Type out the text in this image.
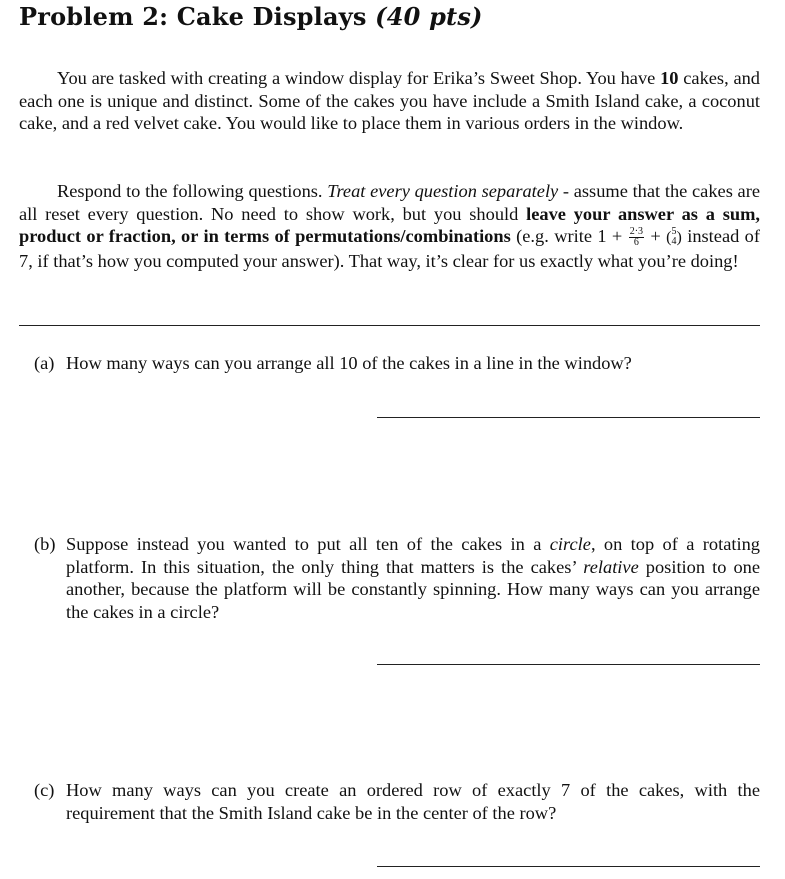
Problem 2: Cake Displays (40 pts)

You are tasked with creating a window display for Erika’s Sweet Shop. You have 10 cakes, and each one is unique and distinct. Some of the cakes you have include a Smith Island cake, a coconut cake, and a red velvet cake. You would like to place them in various orders in the window.

Respond to the following questions. Treat every question separately - assume that the cakes are all reset every question. No need to show work, but you should leave your answer as a sum, product or fraction, or in terms of permutations/combinations (e.g. write $1 + \frac{2\cdot 3}{6}$ + ( 5
4 ) instead of 7, if that’s how you computed your answer). That way, it’s clear for us exactly what you’re doing!

(a) How many ways can you arrange all 10 of the cakes in a line in the window?
(b) Suppose instead you wanted to put all ten of the cakes in a circle, on top of a rotating platform. In this situation, the only thing that matters is the cakes’ relative position to one another, because the platform will be constantly spinning. How many ways can you arrange the cakes in a circle?
(c) How many ways can you create an ordered row of exactly 7 of the cakes, with the requirement that the Smith Island cake be in the center of the row?
